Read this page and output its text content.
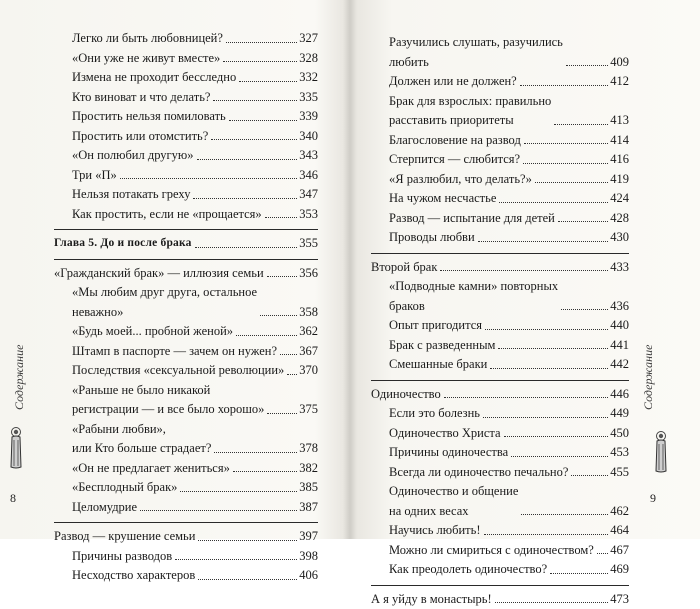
Легко ли быть любовницей?	327
«Они уже не живут вместе»	328
Измена не проходит бесследно	332
Кто виноват и что делать?	335
Простить нельзя помиловать	339
Простить или отомстить?	340
«Он полюбил другую»	343
Три «П»	346
Нельзя потакать греху	347
Как простить, если не «прощается»	353
Глава 5. До и после брака	355
«Гражданский брак» — иллюзия семьи	356
«Мы любим друг друга, остальное
неважно»	358
«Будь моей... пробной женой»	362
Штамп в паспорте — зачем он нужен? 367
Последствия «сексуальной революции» 370
«Раньше не было никакой
регистрации — и все было хорошо»	375
«Рабыни любви»,
или Кто больше страдает?	378
«Он не предлагает жениться»	382
«Бесплодный брак»	385
Целомудрие	387
Развод — крушение семьи	397
Причины разводов	398
Несходство характеров	406
Содержание
8
Разучились слушать, разучились
любить	409
Должен или не должен?	412
Брак для взрослых: правильно
расставить приоритеты	413
Благословение на развод	414
Стерпится — слюбится?	416
«Я разлюбил, что делать?»	419
На чужом несчастье	424
Развод — испытание для детей	428
Проводы любви	430
Второй брак	433
«Подводные камни» повторных
браков	436
Опыт пригодится	440
Брак с разведенным	441
Смешанные браки	442
Одиночество	446
Если это болезнь	449
Одиночество Христа	450
Причины одиночества	453
Всегда ли одиночество печально?	455
Одиночество и общение
на одних весах	462
Научись любить!	464
Можно ли смириться с одиночеством? 467
Как преодолеть одиночество?	469
А я уйду в монастырь!	473
Содержание
9
